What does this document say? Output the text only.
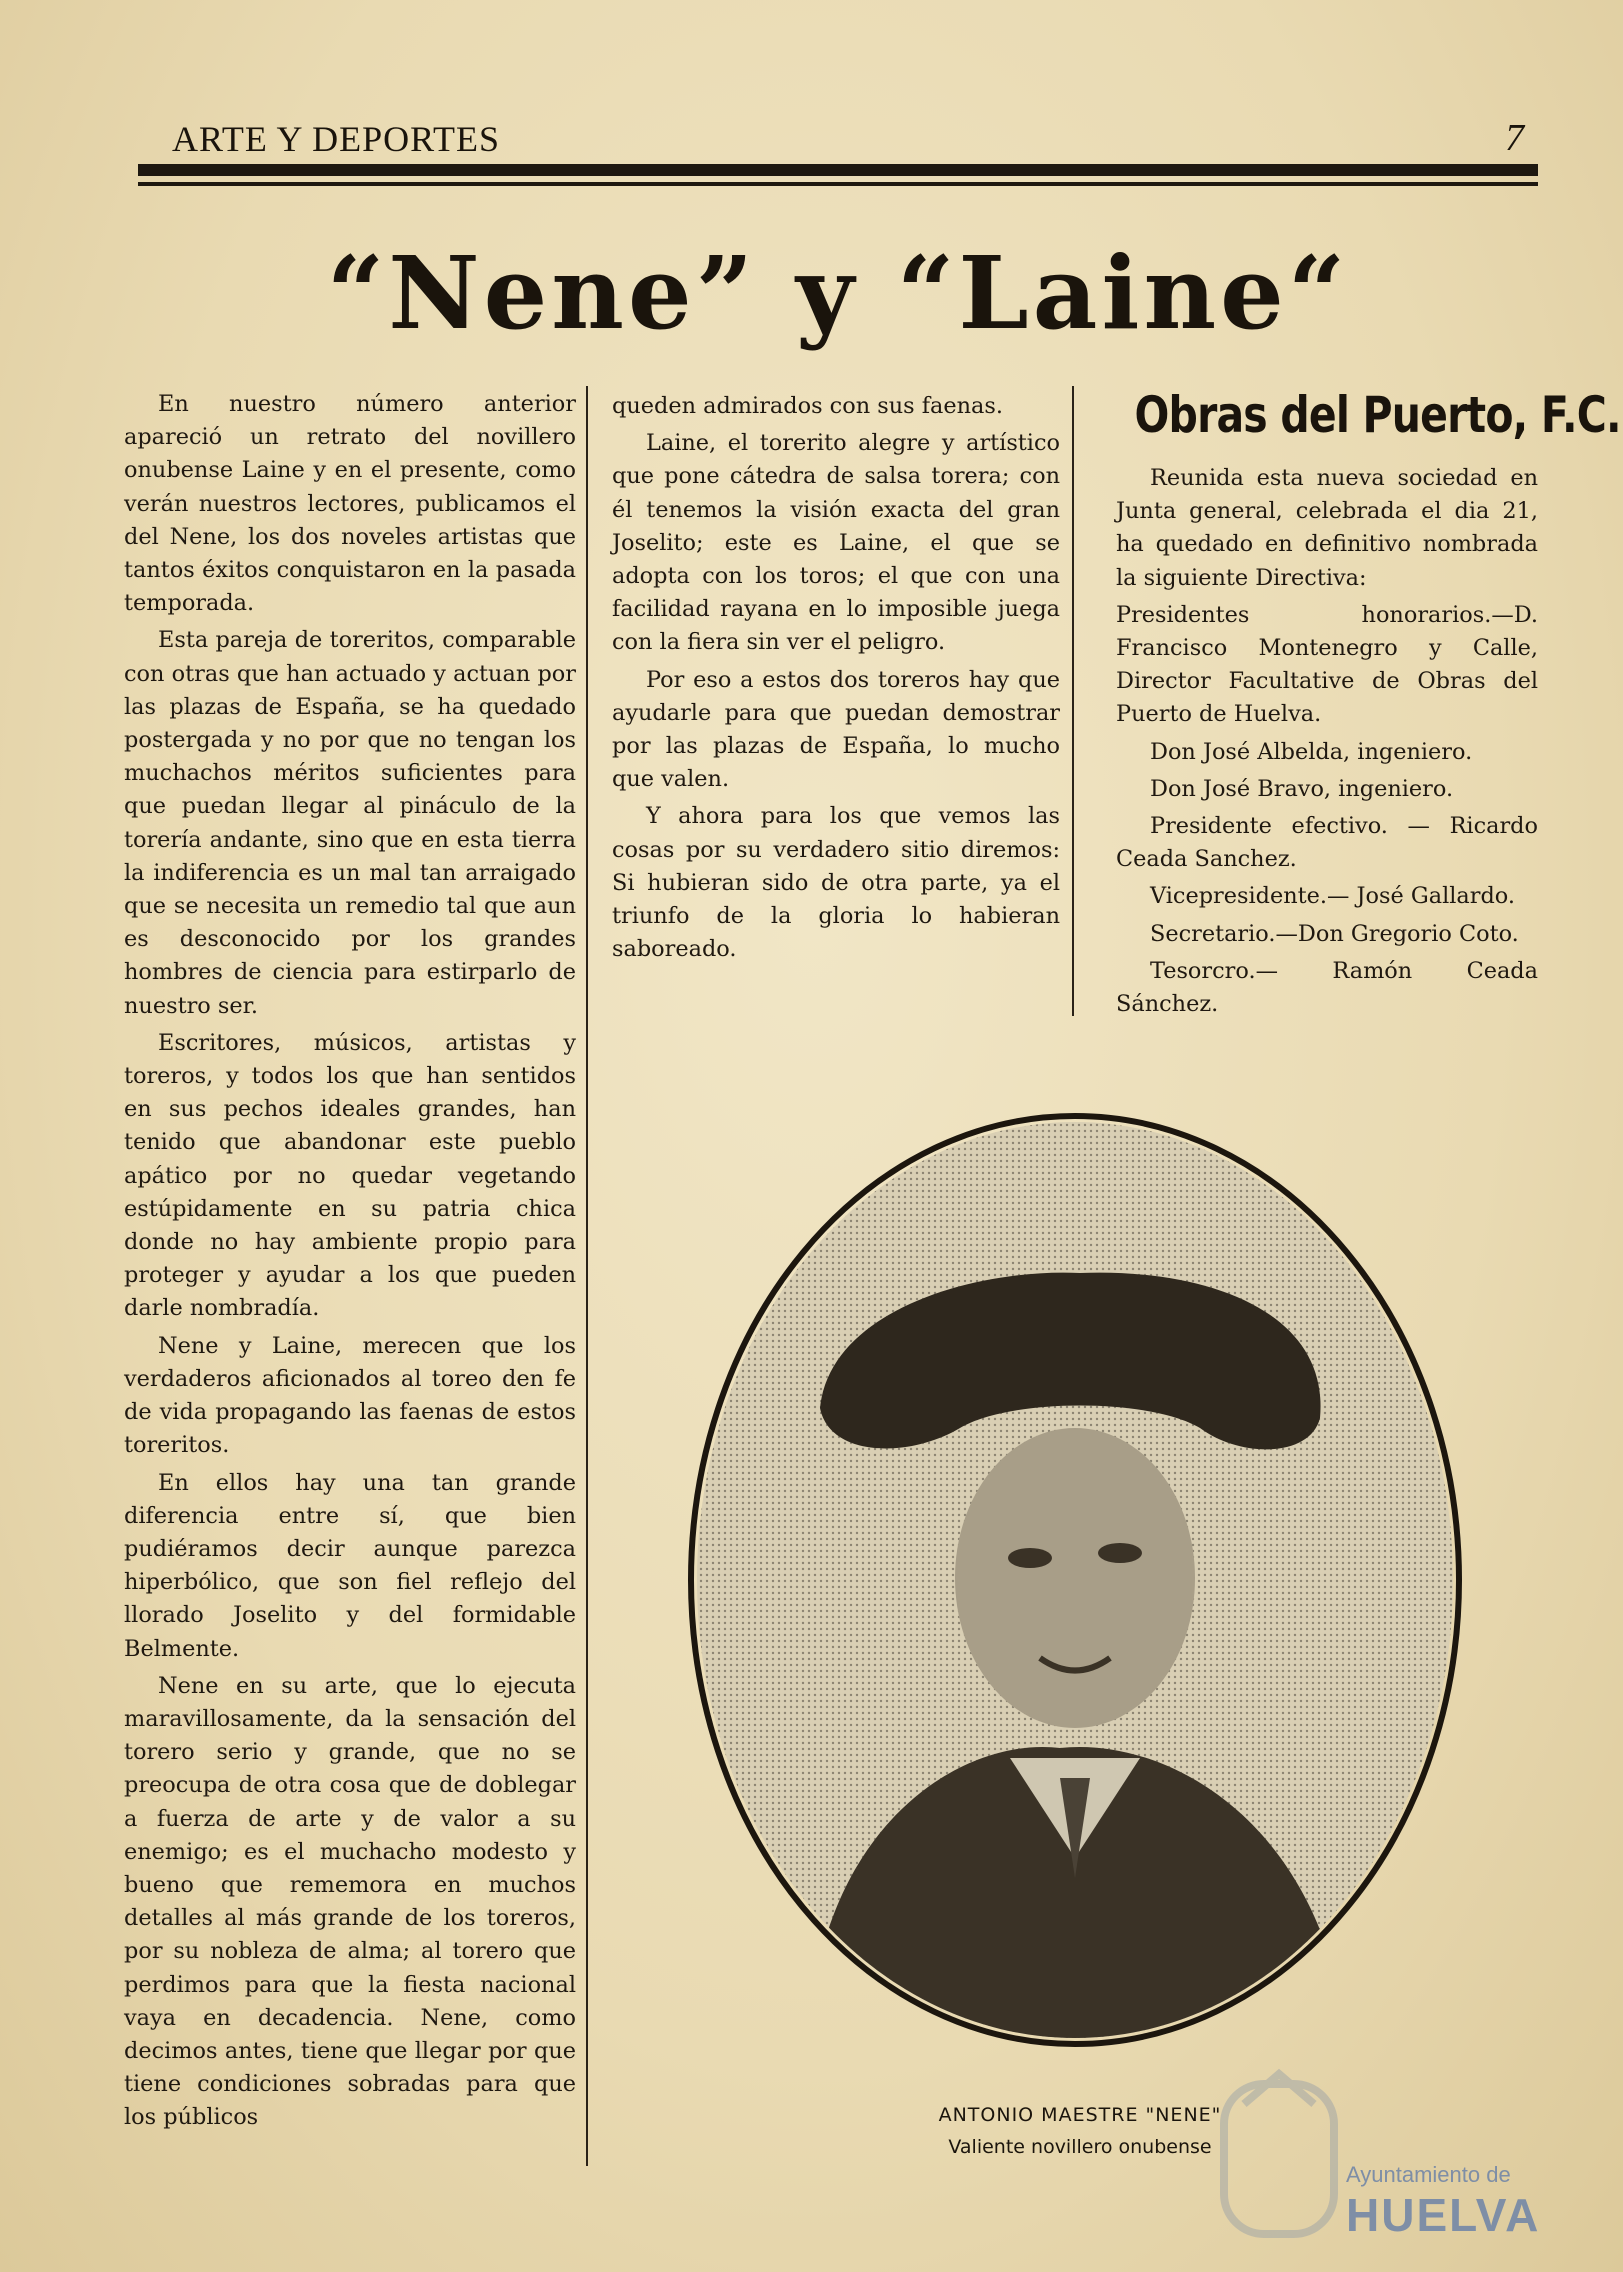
ARTE Y DEPORTES	7
“Nene” y “Laine“

En nuestro número anterior apareció un retrato del novillero onubense Laine y en el presente, como verán nuestros lectores, publicamos el del Nene, los dos noveles artistas que tantos éxitos conquistaron en la pasada temporada.

Esta pareja de toreritos, comparable con otras que han actuado y actuan por las plazas de España, se ha quedado postergada y no por que no tengan los muchachos méritos suficientes para que puedan llegar al pináculo de la torería andante, sino que en esta tierra la indiferencia es un mal tan arraigado que se necesita un remedio tal que aun es desconocido por los grandes hombres de ciencia para estirparlo de nuestro ser.

Escritores, músicos, artistas y toreros, y todos los que han sentidos en sus pechos ideales grandes, han tenido que abandonar este pueblo apático por no quedar vegetando estúpidamente en su patria chica donde no hay ambiente propio para proteger y ayudar a los que pueden darle nombradía.

Nene y Laine, merecen que los verdaderos aficionados al toreo den fe de vida propagando las faenas de estos toreritos.

En ellos hay una tan grande diferencia entre sí, que bien pudiéramos decir aunque parezca hiperbólico, que son fiel reflejo del llorado Joselito y del formidable Belmente.

Nene en su arte, que lo ejecuta maravillosamente, da la sensación del torero serio y grande, que no se preocupa de otra cosa que de doblegar a fuerza de arte y de valor a su enemigo; es el muchacho modesto y bueno que rememora en muchos detalles al más grande de los toreros, por su nobleza de alma; al torero que perdimos para que la fiesta nacional vaya en decadencia. Nene, como decimos antes, tiene que llegar por que tiene condiciones sobradas para que los públicos

queden admirados con sus faenas.

Laine, el torerito alegre y artístico que pone cátedra de salsa torera; con él tenemos la visión exacta del gran Joselito; este es Laine, el que se adopta con los toros; el que con una facilidad rayana en lo imposible juega con la fiera sin ver el peligro.

Por eso a estos dos toreros hay que ayudarle para que puedan demostrar por las plazas de España, lo mucho que valen.

Y ahora para los que vemos las cosas por su verdadero sitio diremos: Si hubieran sido de otra parte, ya el triunfo de la gloria lo habieran saboreado.

Obras del Puerto, F.C.

Reunida esta nueva sociedad en Junta general, celebrada el dia 21, ha quedado en definitivo nombrada la siguiente Directiva:

Presidentes honorarios.—D. Francisco Montenegro y Calle, Director Facultative de Obras del Puerto de Huelva.

Don José Albelda, ingeniero.

Don José Bravo, ingeniero.

Presidente efectivo. — Ricardo Ceada Sanchez.

Vicepresidente.— José Gallardo.

Secretario.—Don Gregorio Coto.

Tesorcro.— Ramón Ceada Sánchez.

ANTONIO MAESTRE "NENE"
Valiente novillero onubense
Ayuntamiento de
HUELVA
